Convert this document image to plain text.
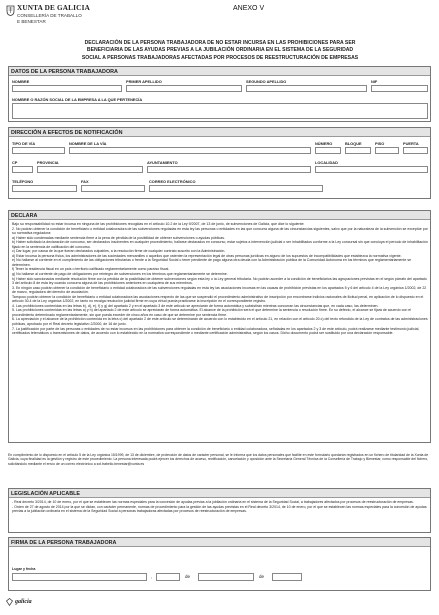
XUNTA DE GALICIA
CONSELLERÍA DE TRABALLO
E BENESTAR
ANEXO V
DECLARACIÓN DE LA PERSONA TRABAJADORA DE NO ESTAR INCURSA EN LAS PROHIBICIONES PARA SER
BENEFICIARIA DE LAS AYUDAS PREVIAS A LA JUBILACIÓN ORDINARIA EN EL SISTEMA DE LA SEGURIDAD
SOCIAL A PERSONAS TRABAJADORAS AFECTADAS POR PROCESOS DE REESTRUCTURACIÓN DE EMPRESAS
DATOS DE LA PERSONA TRABAJADORA
NOMBRE	PRIMER APELLIDO	SEGUNDO APELLIDO	NIF
NOMBRE O RAZÓN SOCIAL DE LA EMPRESA A LA QUE PERTENECÍA
DIRECCIÓN A EFECTOS DE NOTIFICACIÓN
TIPO DE VÍA	NOMBRE DE LA VÍA	NÚMERO	BLOQUE	PISO	PUERTA
CP	PROVINCIA	AYUNTAMIENTO	LOCALIDAD
TELÉFONO	FAX	CORREO ELECTRÓNICO
DECLARA

Bajo su responsabilidad no estar incursa en ninguna de las prohibiciones recogidas en el artículo 10.2 de la Ley 9/2007, de 13 de junio, de subvenciones de Galicia, que dice lo siguiente:

2. No podrán obtener la condición de beneficiario o entidad colaboradora de las subvenciones reguladas en esta ley las personas o entidades en las que concurra alguna de las circunstancias siguientes, salvo que por la naturaleza de la subvención se exceptúe por su normativa reguladora:

a) Haber sido condenadas mediante sentencia firme a la pena de pérdida de la posibilidad de obtener subvenciones o ayudas públicas.

b) Haber solicitado la declaración de concurso, ser declarados insolventes en cualquier procedimiento, hallarse declarados en concurso, estar sujetos a intervención judicial o ser inhabilitados conforme a la Ley concursal sin que concluya el período de inhabilitación fijado en la sentencia de calificación del concurso.

c) Dar lugar, por causa de la que fueran declarados culpables, a la resolución firme de cualquier contrato suscrito con la Administración.

d) Estar incursa la persona física, los administradores de las sociedades mercantiles o aquellos que ostenten la representación legal de otras personas jurídicas en alguno de los supuestos de incompatibilidades que establezca la normativa vigente.

e) No hallarse al corriente en el cumplimiento de las obligaciones tributarias o frente a la Seguridad Social o tener pendiente de pago alguna otra deuda con la Administración pública de la Comunidad Autónoma en los términos que reglamentariamente se determinen.

f) Tener la residencia fiscal en un país o territorio calificado reglamentariamente como paraíso fiscal.

g) No hallarse al corriente de pago de obligaciones por reintegro de subvenciones en los términos que reglamentariamente se determine.

h) Haber sido sancionados mediante resolución firme con la pérdida de la posibilidad de obtener subvenciones según esta ley o la Ley general tributaria. No podrán acceder a la condición de beneficiarios las agrupaciones previstas en el según párrafo del apartado 3 del artículo 8 de esta ley cuando concurra alguna de las prohibiciones anteriores en cualquiera de sus miembros.

3. En ningún caso podrán obtener la condición de beneficiario o entidad colaboradora de las subvenciones reguladas en esta ley las asociaciones incursas en las causas de prohibición previstas en los apartados 5 y 6 del artículo 4 de la Ley orgánica 1/2002, de 22 de marzo, reguladora del derecho de asociación.

Tampoco podrán obtener la condición de beneficiario o entidad colaboradora las asociaciones respecto de las que se suspendió el procedimiento administrativo de inscripción por encontrarse indicios racionales de ilicitud penal, en aplicación de lo dispuesto en el artículo 30.4 de la Ley orgánica 1/2002, en tanto no recaiga resolución judicial firme en cuya virtud pueda practicarse la inscripción en el correspondiente registro.

4. Las prohibiciones contenidas en las letras b), d), e), f) y g) del apartado 2 y en el apartado 3 de este artículo se apreciarán de forma automática y subsistirán mientras concurran las circunstancias que, en cada caso, las determinen.

5. Las prohibiciones contenidas en las letras a) y h) del apartado 2 de este artículo se apreciarán de forma automática. El alcance de la prohibición será el que determine la sentencia o resolución firme. En su defecto, el alcance se fijará de acuerdo con el procedimiento determinado reglamentariamente, sin que pueda exceder de cinco años en caso de que se determine por sentencia firme.

6. La apreciación y el alcance de la prohibición contenida en la letra c) del apartado 2 de este artículo se determinarán de acuerdo con lo establecido en el artículo 21, en relación con el artículo 20.c) del texto refundido de la Ley de contratos de las administraciones públicas, aprobado por el Real decreto legislativo 2/2000, de 16 de junio.

7. La justificación por parte de las personas o entidades de no estar incursos en las prohibiciones para obtener la condición de beneficiario o entidad colaboradora, señaladas en los apartados 2 y 3 de este artículo, podrá realizarse mediante testimonio judicial, certificados telemáticos o transmisiones de datos, de acuerdo con lo establecido en la normativa correspondiente o mediante certificación administrativa, según los casos. Dicho documento podrá ser sustituido por una declaración responsable.

En cumplimiento de lo dispuesto en el artículo 5 de la Ley orgánica 15/1999, de 13 de diciembre, de protección de datos de carácter personal, se le informa que los datos personales que facilite en este formulario quedarán registrados en un fichero de titularidad de la Xunta de Galicia, cuya finalidad es la gestión y registro de este procedimiento. La persona interesada podrá ejercer los derechos de acceso, rectificación, cancelación y oposición ante la Secretaría General Técnica de la Consellería de Trabajo y Bienestar, como responsable del fichero, solicitándolo mediante el envío de un correo electrónico a sxt.trabello.benestar@xunta.es
LEGISLACIÓN APLICABLE

- Real decreto 3/2014, de 10 de enero, por el que se establecen las normas especiales para la concesión de ayudas previas a la jubilación ordinaria en el sistema de la Seguridad Social, a trabajadores afectados por procesos de reestructuración de empresas.

- Orden de 27 de agosto de 2014 por la que se dictan, con carácter permanente, normas de procedimiento para la gestión de las ayudas previstas en el Real decreto 3/2014, de 10 de enero, por el que se establecen las normas especiales para la concesión de ayudas previas a la jubilación ordinaria en el sistema de la Seguridad Social a personas trabajadoras afectadas por procesos de reestructuración de empresas.

FIRMA DE LA PERSONA TRABAJADORA
Lugar y fecha
,	de	de
galicia
